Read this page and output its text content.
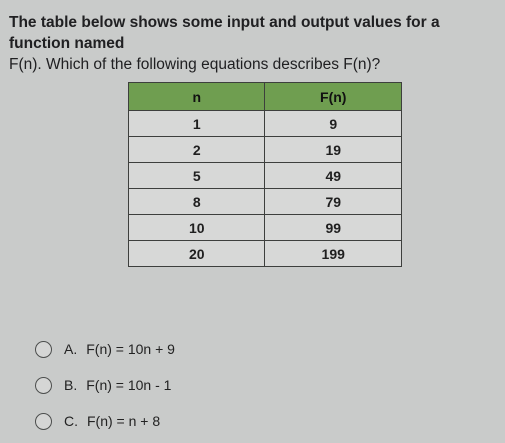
The table below shows some input and output values for a function named
F(n). Which of the following equations describes F(n)?
n	F(n)
1	9
2	19
5	49
8	79
10	99
20	199
A. F(n) = 10n + 9
B. F(n) = 10n - 1
C. F(n) = n + 8
